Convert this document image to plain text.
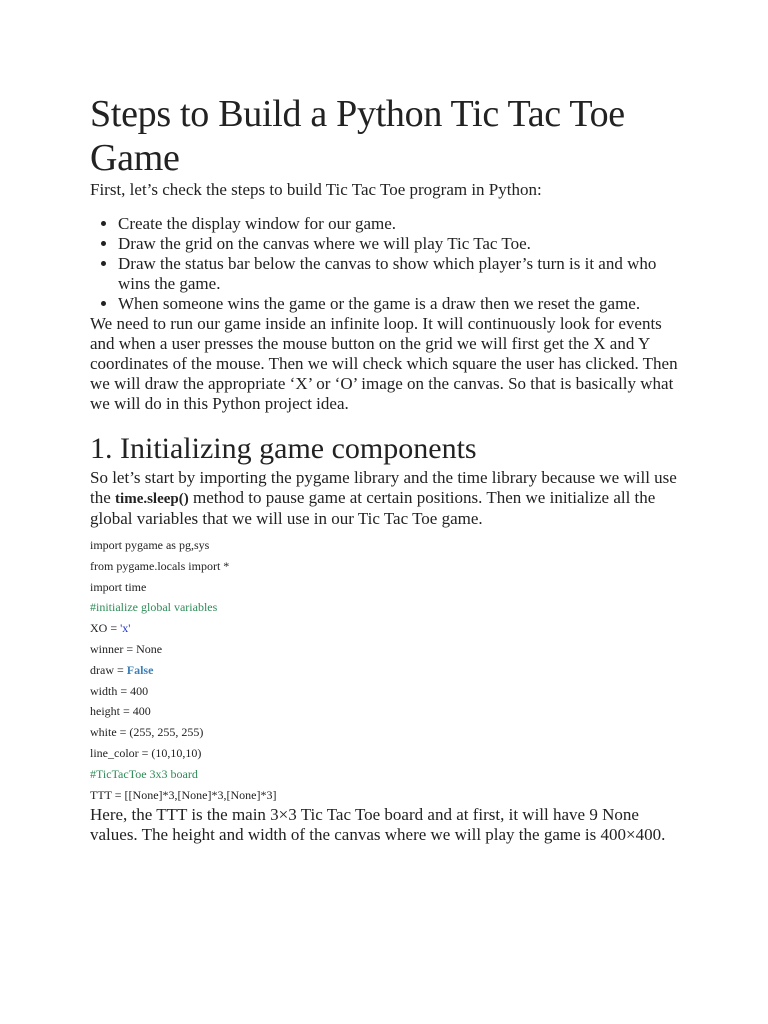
Steps to Build a Python Tic Tac Toe Game

First, let’s check the steps to build Tic Tac Toe program in Python:

• Create the display window for our game.
• Draw the grid on the canvas where we will play Tic Tac Toe.
• Draw the status bar below the canvas to show which player’s turn is it and who wins the game.
• When someone wins the game or the game is a draw then we reset the game.

We need to run our game inside an infinite loop. It will continuously look for events and when a user presses the mouse button on the grid we will first get the X and Y coordinates of the mouse. Then we will check which square the user has clicked. Then we will draw the appropriate ‘X’ or ‘O’ image on the canvas. So that is basically what we will do in this Python project idea.

1. Initializing game components

So let’s start by importing the pygame library and the time library because we will use the time.sleep() method to pause game at certain positions. Then we initialize all the global variables that we will use in our Tic Tac Toe game.

import pygame as pg,sys
from pygame.locals import *
import time
#initialize global variables
XO = 'x'
winner = None
draw = False
width = 400
height = 400
white = (255, 255, 255)
line_color = (10,10,10)
#TicTacToe 3x3 board
TTT = [[None]*3,[None]*3,[None]*3]

Here, the TTT is the main 3×3 Tic Tac Toe board and at first, it will have 9 None values. The height and width of the canvas where we will play the game is 400×400.
